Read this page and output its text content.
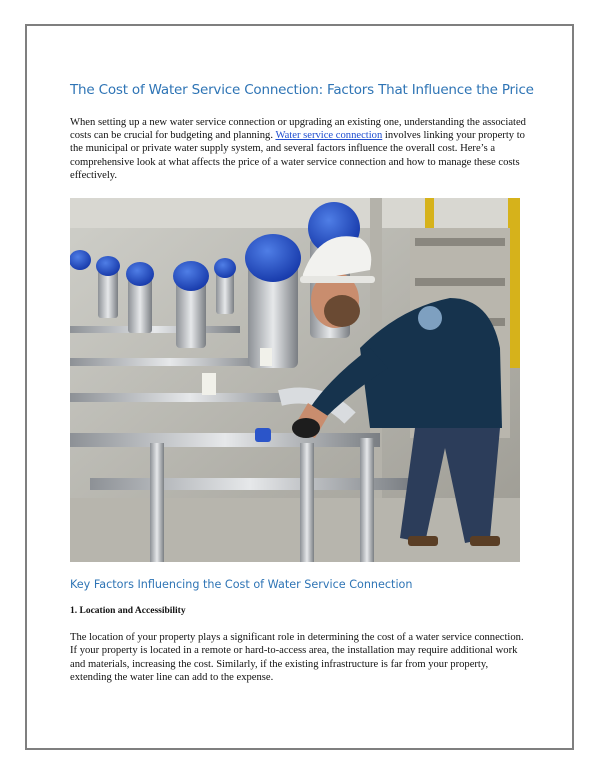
The Cost of Water Service Connection: Factors That Influence the Price
When setting up a new water service connection or upgrading an existing one, understanding the associated costs can be crucial for budgeting and planning. Water service connection involves linking your property to the municipal or private water supply system, and several factors influence the overall cost. Here’s a comprehensive look at what affects the price of a water service connection and how to manage these costs effectively.
Key Factors Influencing the Cost of Water Service Connection
1. Location and Accessibility
The location of your property plays a significant role in determining the cost of a water service connection. If your property is located in a remote or hard-to-access area, the installation may require additional work and materials, increasing the cost. Similarly, if the existing infrastructure is far from your property, extending the water line can add to the expense.
